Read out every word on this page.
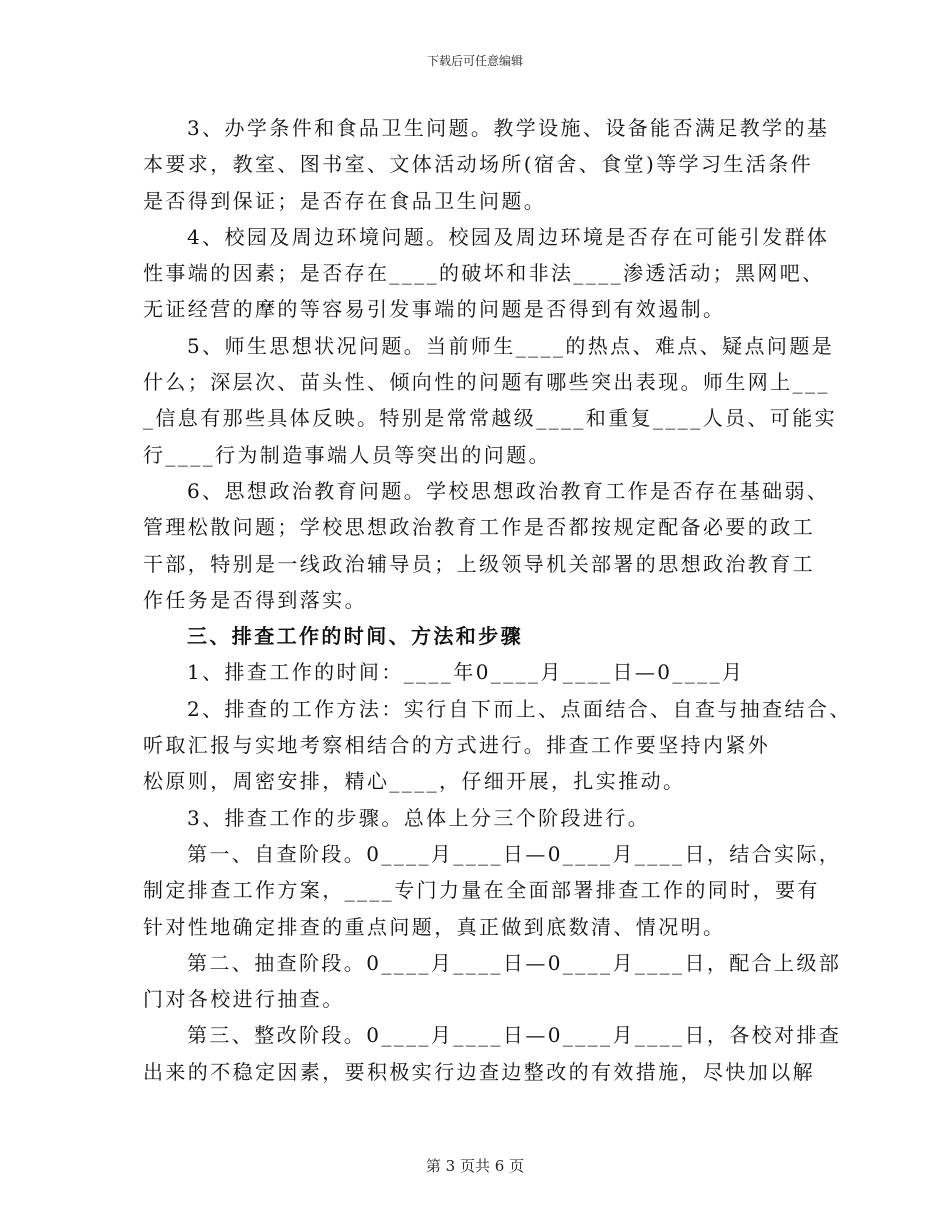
下载后可任意编辑
3、办学条件和食品卫生问题。教学设施、设备能否满足教学的基
本要求，教室、图书室、文体活动场所(宿舍、食堂)等学习生活条件
是否得到保证；是否存在食品卫生问题。
4、校园及周边环境问题。校园及周边环境是否存在可能引发群体
性事端的因素；是否存在____的破坏和非法____渗透活动；黑网吧、
无证经营的摩的等容易引发事端的问题是否得到有效遏制。
5、师生思想状况问题。当前师生____的热点、难点、疑点问题是
什么；深层次、苗头性、倾向性的问题有哪些突出表现。师生网上___
_信息有那些具体反映。特别是常常越级____和重复____人员、可能实
行____行为制造事端人员等突出的问题。
6、思想政治教育问题。学校思想政治教育工作是否存在基础弱、
管理松散问题；学校思想政治教育工作是否都按规定配备必要的政工
干部，特别是一线政治辅导员；上级领导机关部署的思想政治教育工
作任务是否得到落实。
三、排查工作的时间、方法和步骤
1、排查工作的时间：____年0____月____日—0____月
2、排查的工作方法：实行自下而上、点面结合、自查与抽查结合、
听取汇报与实地考察相结合的方式进行。排查工作要坚持内紧外
松原则，周密安排，精心____，仔细开展，扎实推动。
3、排查工作的步骤。总体上分三个阶段进行。
第一、自查阶段。0____月____日—0____月____日，结合实际，
制定排查工作方案，____专门力量在全面部署排查工作的同时，要有
针对性地确定排查的重点问题，真正做到底数清、情况明。
第二、抽查阶段。0____月____日—0____月____日，配合上级部
门对各校进行抽查。
第三、整改阶段。0____月____日—0____月____日，各校对排查
出来的不稳定因素，要积极实行边查边整改的有效措施，尽快加以解
第 3 页共 6 页
